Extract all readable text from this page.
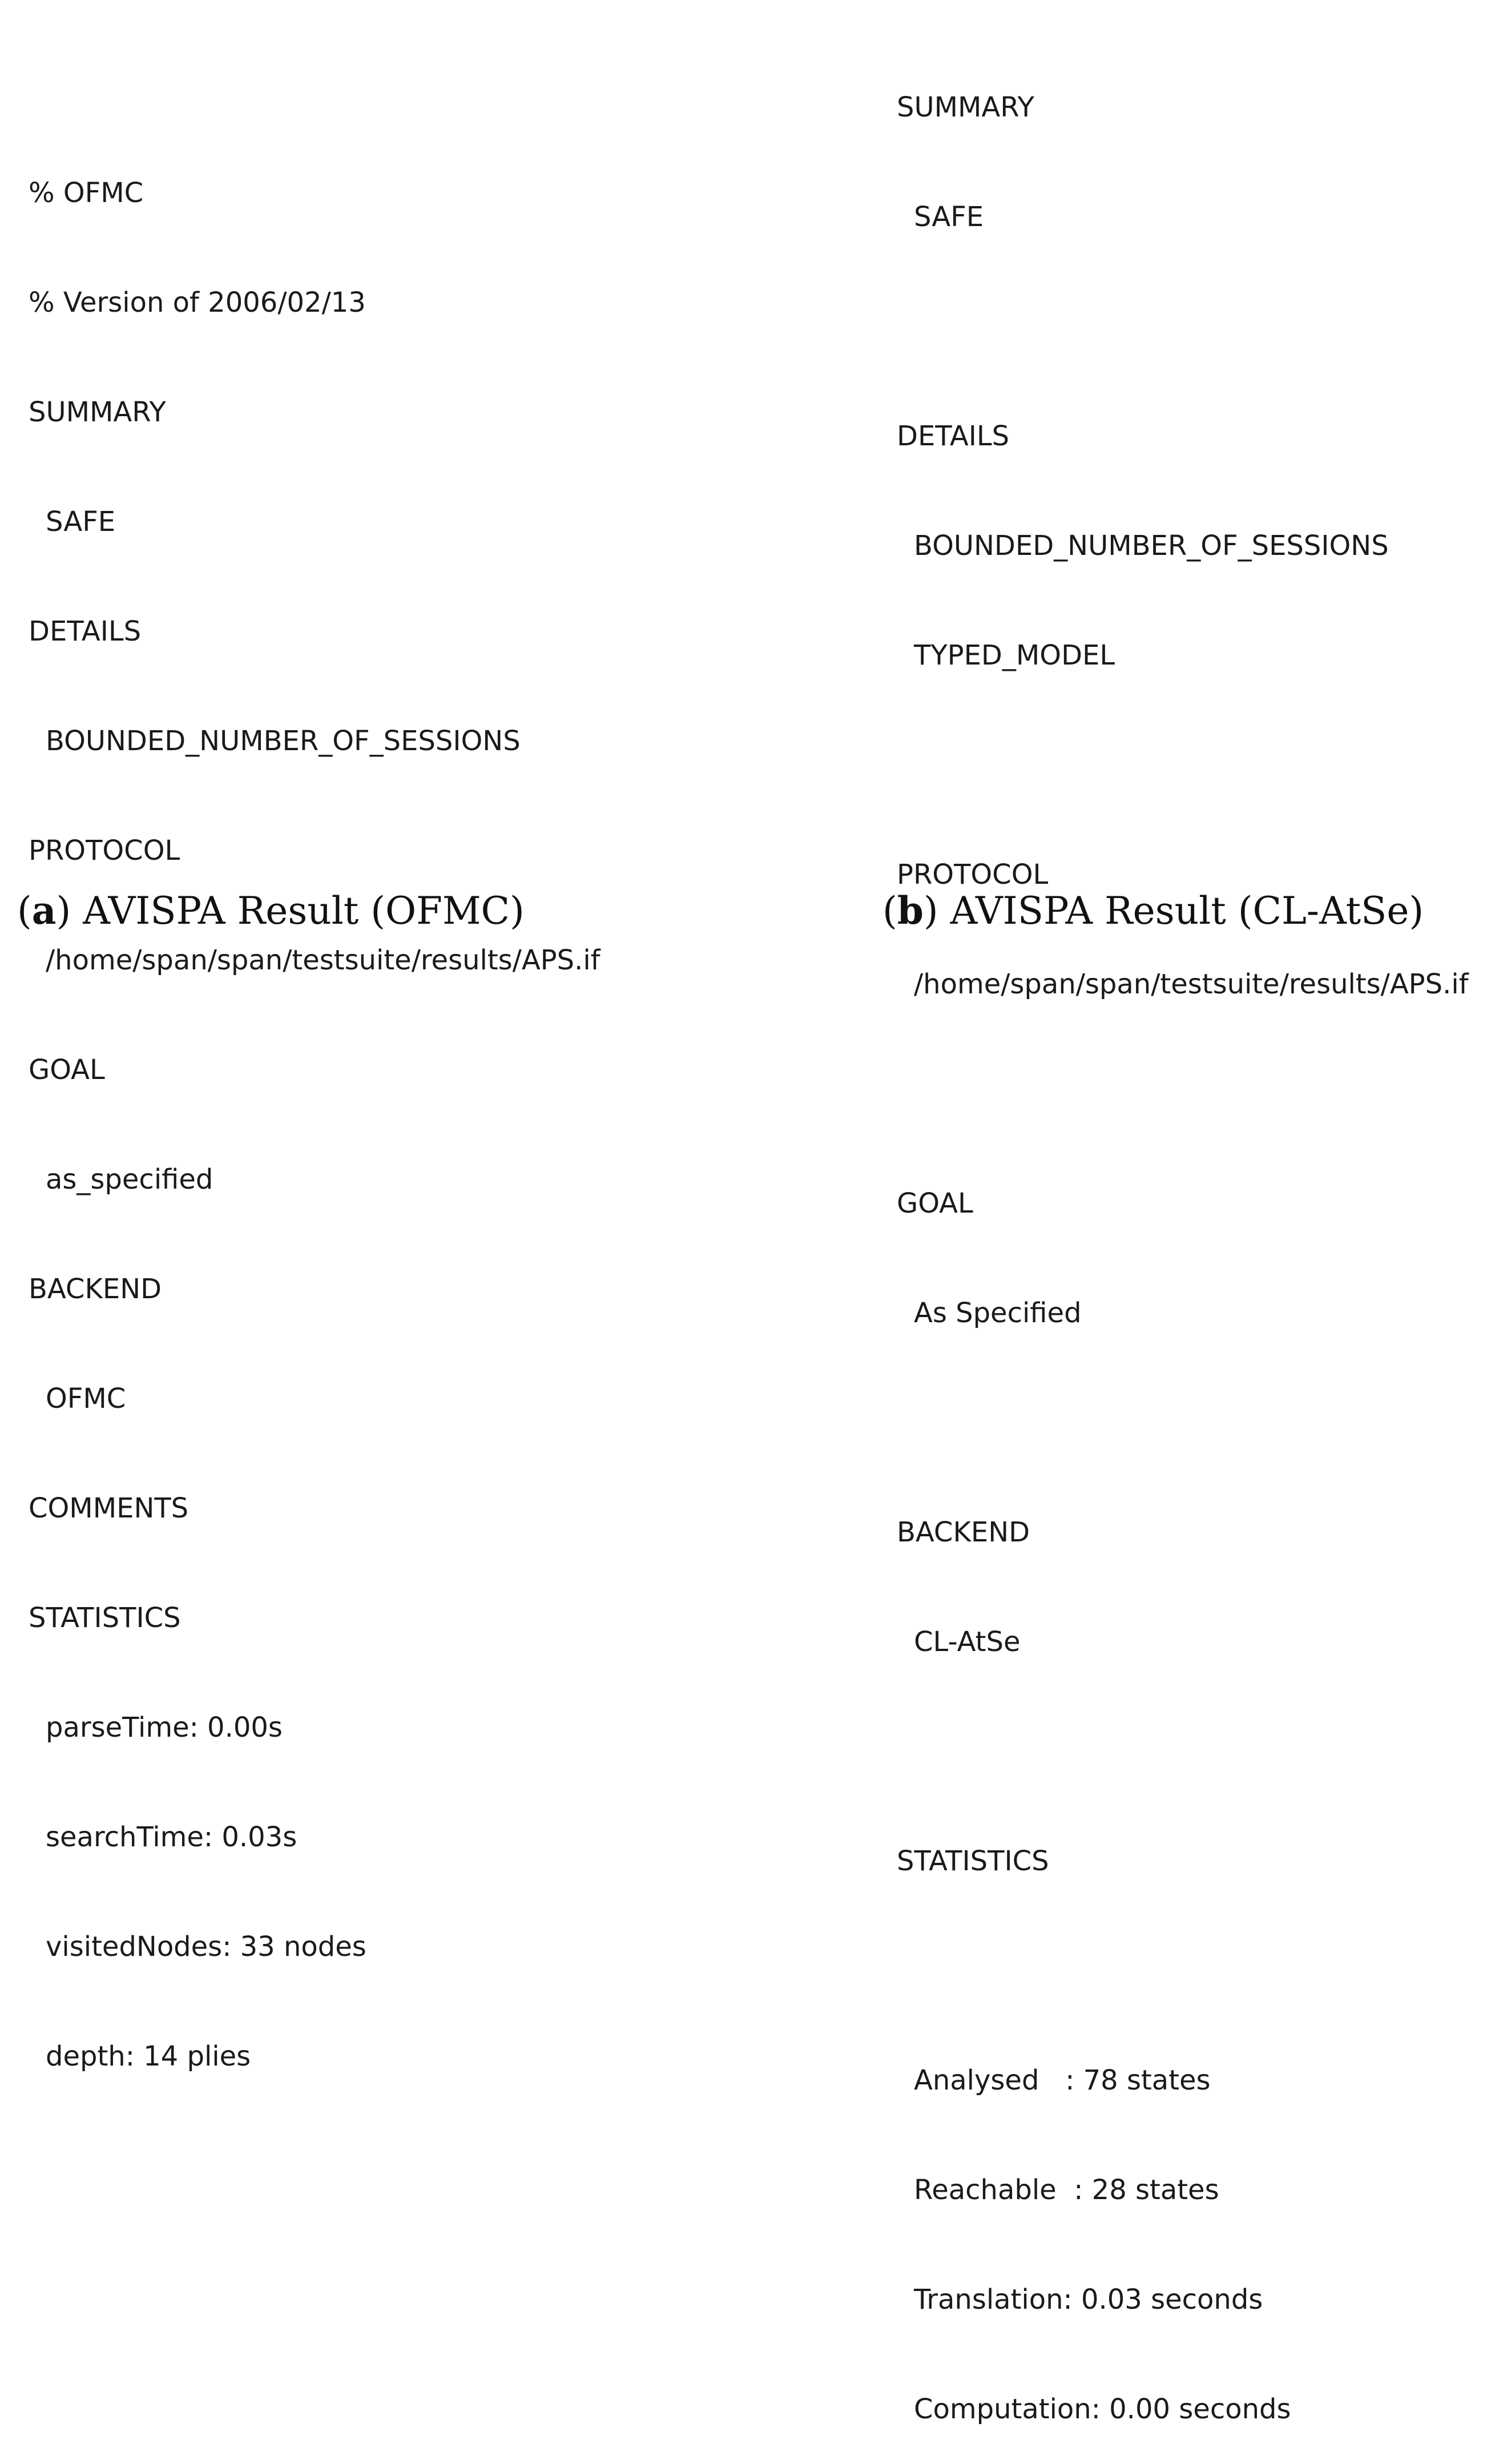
% OFMC

% Version of 2006/02/13

SUMMARY

SAFE

DETAILS

BOUNDED_NUMBER_OF_SESSIONS

PROTOCOL

/home/span/span/testsuite/results/APS.if

GOAL

as_specified

BACKEND

OFMC

COMMENTS

STATISTICS

parseTime: 0.00s

searchTime: 0.03s

visitedNodes: 33 nodes

depth: 14 plies

SUMMARY

SAFE

DETAILS

BOUNDED_NUMBER_OF_SESSIONS

TYPED_MODEL

PROTOCOL

/home/span/span/testsuite/results/APS.if

GOAL

As Specified

BACKEND

CL-AtSe

STATISTICS

Analysed   : 78 states

Reachable  : 28 states

Translation: 0.03 seconds

Computation: 0.00 seconds

(a) AVISPA Result (OFMC)	(b) AVISPA Result (CL-AtSe)
